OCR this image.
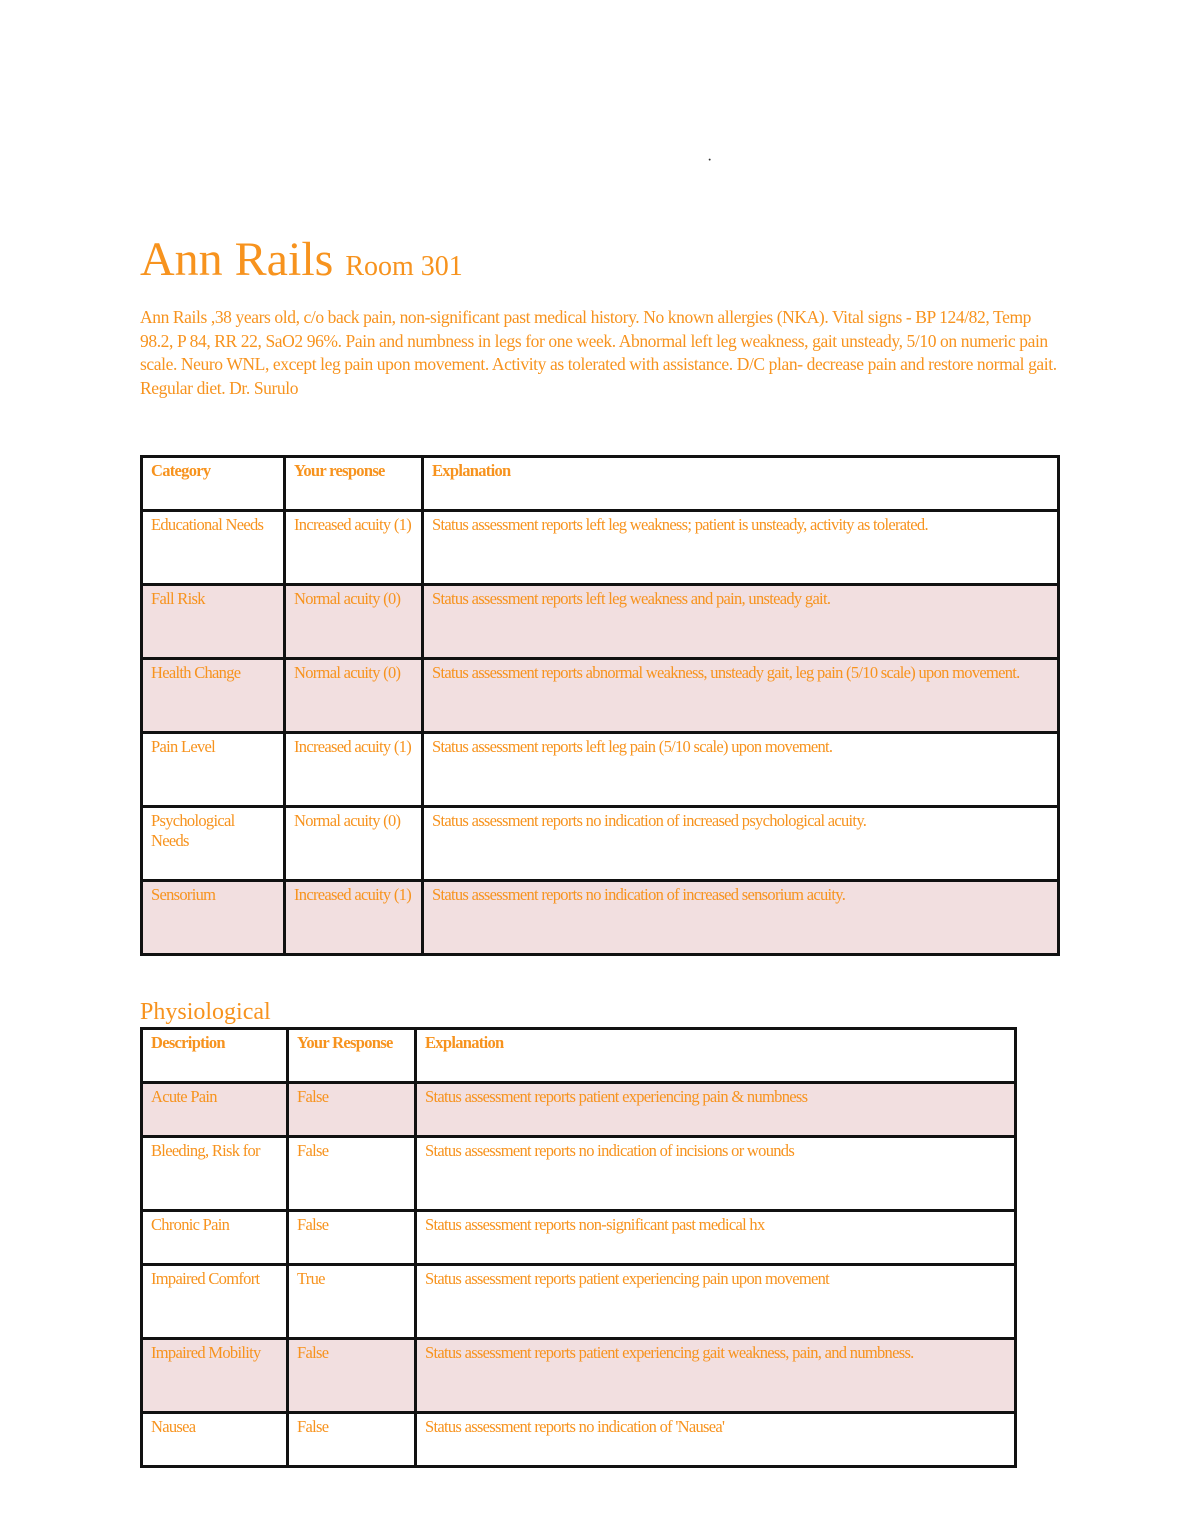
·
Ann Rails Room 301

Ann Rails ,38 years old, c/o back pain, non-significant past medical history. No known allergies (NKA). Vital signs - BP 124/82, Temp 98.2, P 84, RR 22, SaO2 96%. Pain and numbness in legs for one week. Abnormal left leg weakness, gait unsteady, 5/10 on numeric pain scale. Neuro WNL, except leg pain upon movement. Activity as tolerated with assistance. D/C plan- decrease pain and restore normal gait. Regular diet. Dr. Surulo

Category	Your response	Explanation
Educational Needs	Increased acuity (1)	Status assessment reports left leg weakness; patient is unsteady, activity as tolerated.
Fall Risk	Normal acuity (0)	Status assessment reports left leg weakness and pain, unsteady gait.
Health Change	Normal acuity (0)	Status assessment reports abnormal weakness, unsteady gait, leg pain (5/10 scale) upon movement.
Pain Level	Increased acuity (1)	Status assessment reports left leg pain (5/10 scale) upon movement.
Psychological Needs	Normal acuity (0)	Status assessment reports no indication of increased psychological acuity.
Sensorium	Increased acuity (1)	Status assessment reports no indication of increased sensorium acuity.
Physiological
Description	Your Response	Explanation
Acute Pain	False	Status assessment reports patient experiencing pain & numbness
Bleeding, Risk for	False	Status assessment reports no indication of incisions or wounds
Chronic Pain	False	Status assessment reports non-significant past medical hx
Impaired Comfort	True	Status assessment reports patient experiencing pain upon movement
Impaired Mobility	False	Status assessment reports patient experiencing gait weakness, pain, and numbness.
Nausea	False	Status assessment reports no indication of 'Nausea'
